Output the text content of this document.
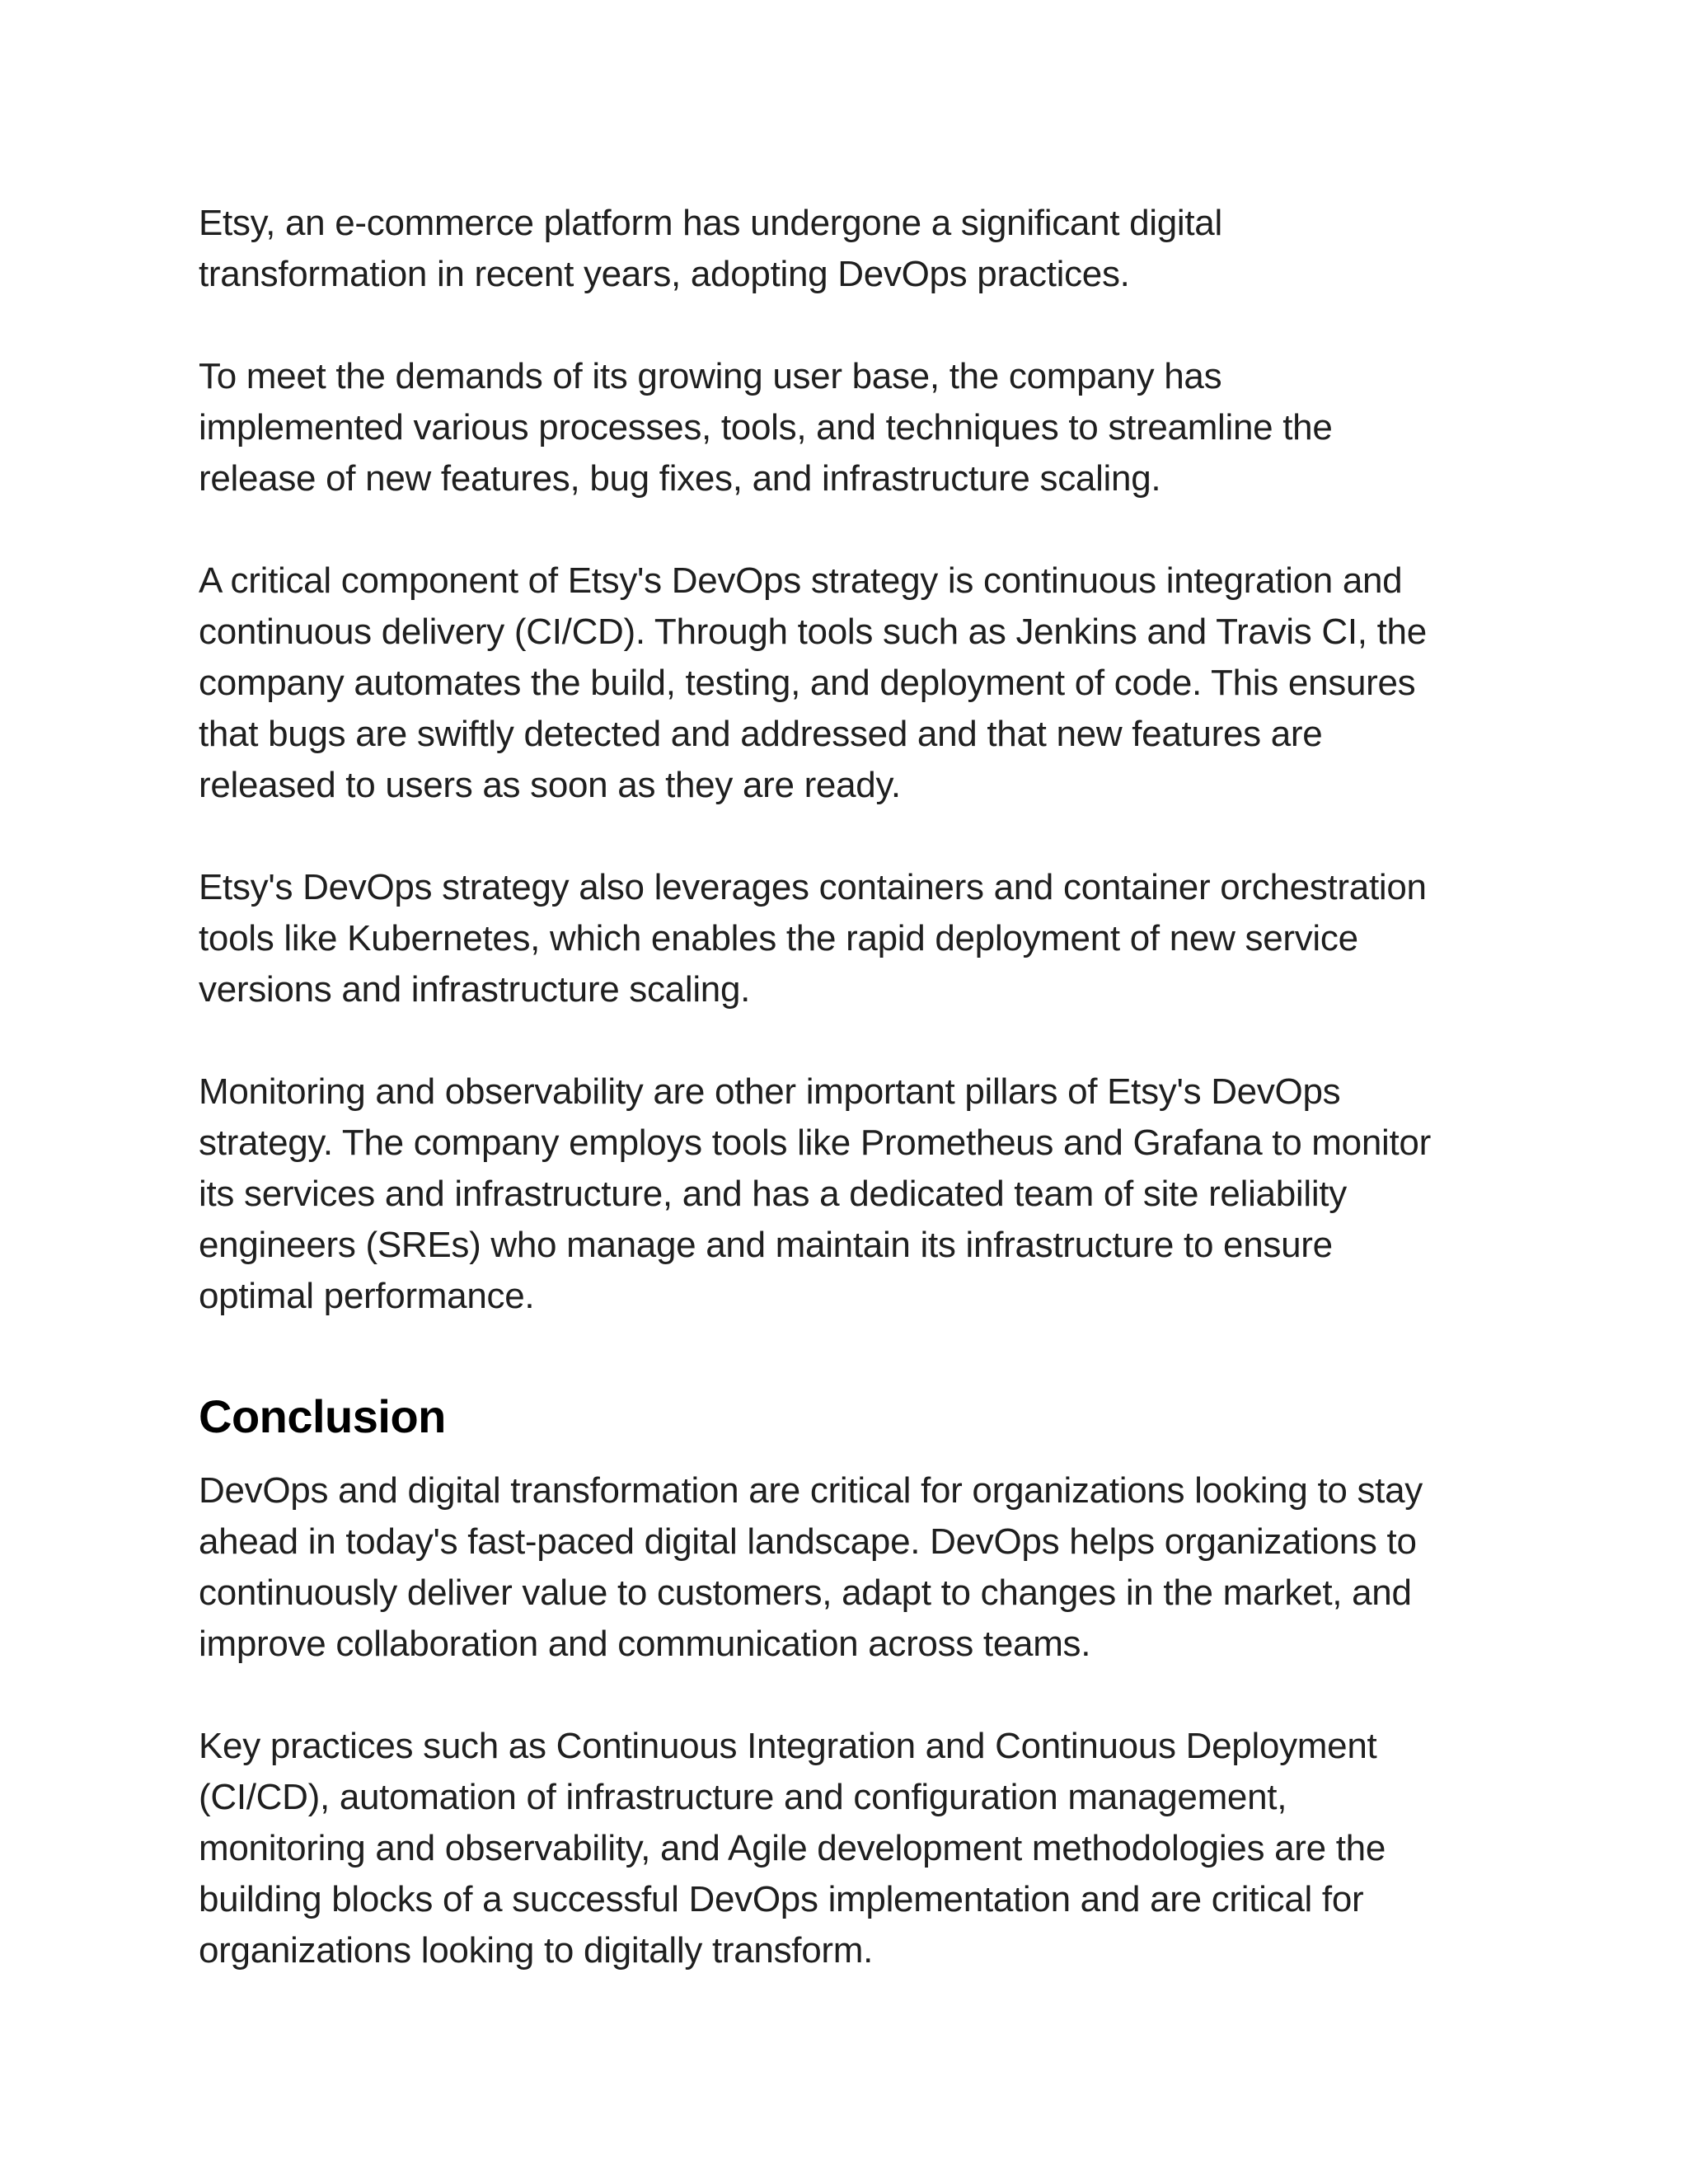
Etsy, an e-commerce platform has undergone a significant digital
transformation in recent years, adopting DevOps practices.

To meet the demands of its growing user base, the company has
implemented various processes, tools, and techniques to streamline the
release of new features, bug fixes, and infrastructure scaling.

A critical component of Etsy's DevOps strategy is continuous integration and
continuous delivery (CI/CD). Through tools such as Jenkins and Travis CI, the
company automates the build, testing, and deployment of code. This ensures
that bugs are swiftly detected and addressed and that new features are
released to users as soon as they are ready.

Etsy's DevOps strategy also leverages containers and container orchestration
tools like Kubernetes, which enables the rapid deployment of new service
versions and infrastructure scaling.

Monitoring and observability are other important pillars of Etsy's DevOps
strategy. The company employs tools like Prometheus and Grafana to monitor
its services and infrastructure, and has a dedicated team of site reliability
engineers (SREs) who manage and maintain its infrastructure to ensure
optimal performance.

Conclusion

DevOps and digital transformation are critical for organizations looking to stay
ahead in today's fast-paced digital landscape. DevOps helps organizations to
continuously deliver value to customers, adapt to changes in the market, and
improve collaboration and communication across teams.

Key practices such as Continuous Integration and Continuous Deployment
(CI/CD), automation of infrastructure and configuration management,
monitoring and observability, and Agile development methodologies are the
building blocks of a successful DevOps implementation and are critical for
organizations looking to digitally transform.
